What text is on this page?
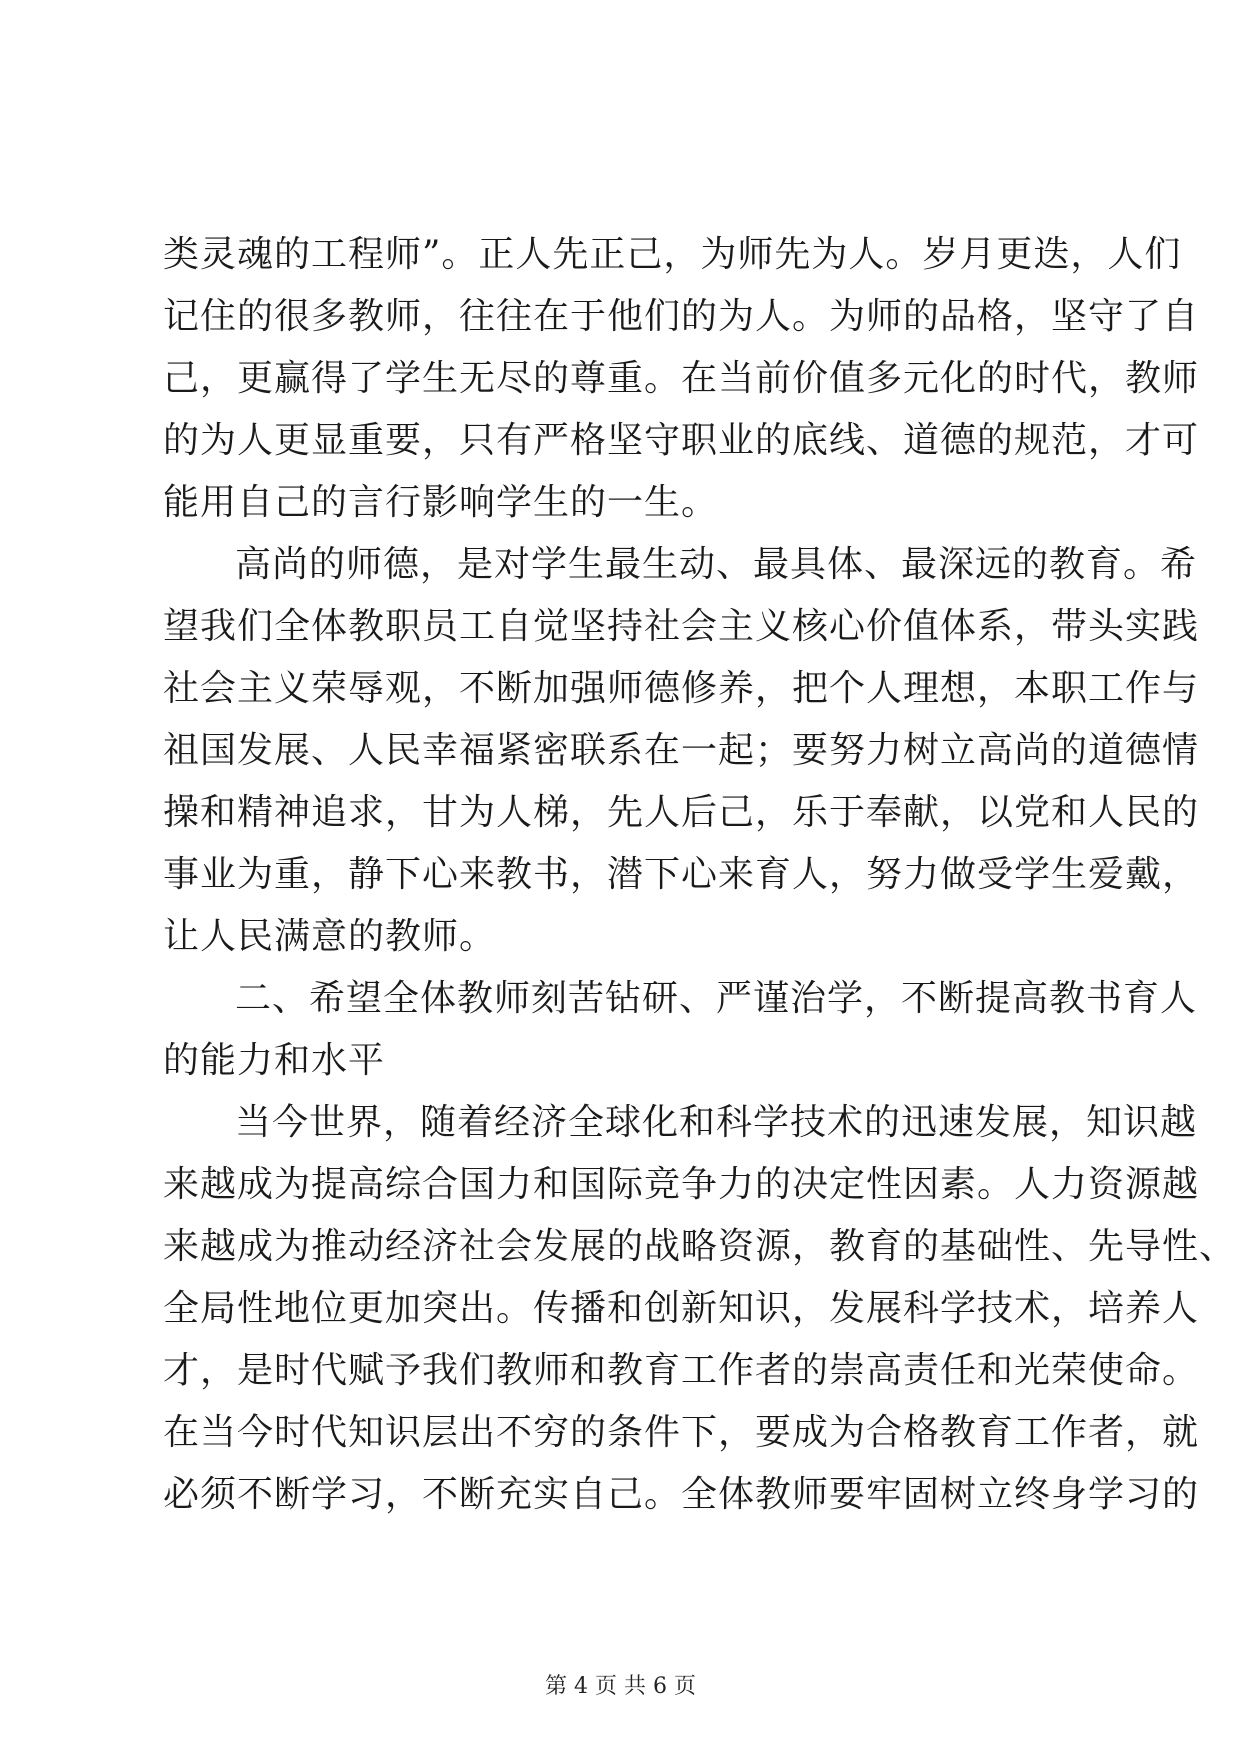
类灵魂的工程师”。正人先正己，为师先为人。岁月更迭，人们
记住的很多教师，往往在于他们的为人。为师的品格，坚守了自
己，更赢得了学生无尽的尊重。在当前价值多元化的时代，教师
的为人更显重要，只有严格坚守职业的底线、道德的规范，才可
能用自己的言行影响学生的一生。
高尚的师德，是对学生最生动、最具体、最深远的教育。希
望我们全体教职员工自觉坚持社会主义核心价值体系，带头实践
社会主义荣辱观，不断加强师德修养，把个人理想，本职工作与
祖国发展、人民幸福紧密联系在一起；要努力树立高尚的道德情
操和精神追求，甘为人梯，先人后己，乐于奉献，以党和人民的
事业为重，静下心来教书，潜下心来育人，努力做受学生爱戴，
让人民满意的教师。
二、希望全体教师刻苦钻研、严谨治学，不断提高教书育人
的能力和水平
当今世界，随着经济全球化和科学技术的迅速发展，知识越
来越成为提高综合国力和国际竞争力的决定性因素。人力资源越
来越成为推动经济社会发展的战略资源，教育的基础性、先导性、
全局性地位更加突出。传播和创新知识，发展科学技术，培养人
才，是时代赋予我们教师和教育工作者的崇高责任和光荣使命。
在当今时代知识层出不穷的条件下，要成为合格教育工作者，就
必须不断学习，不断充实自己。全体教师要牢固树立终身学习的
第 4 页 共 6 页
